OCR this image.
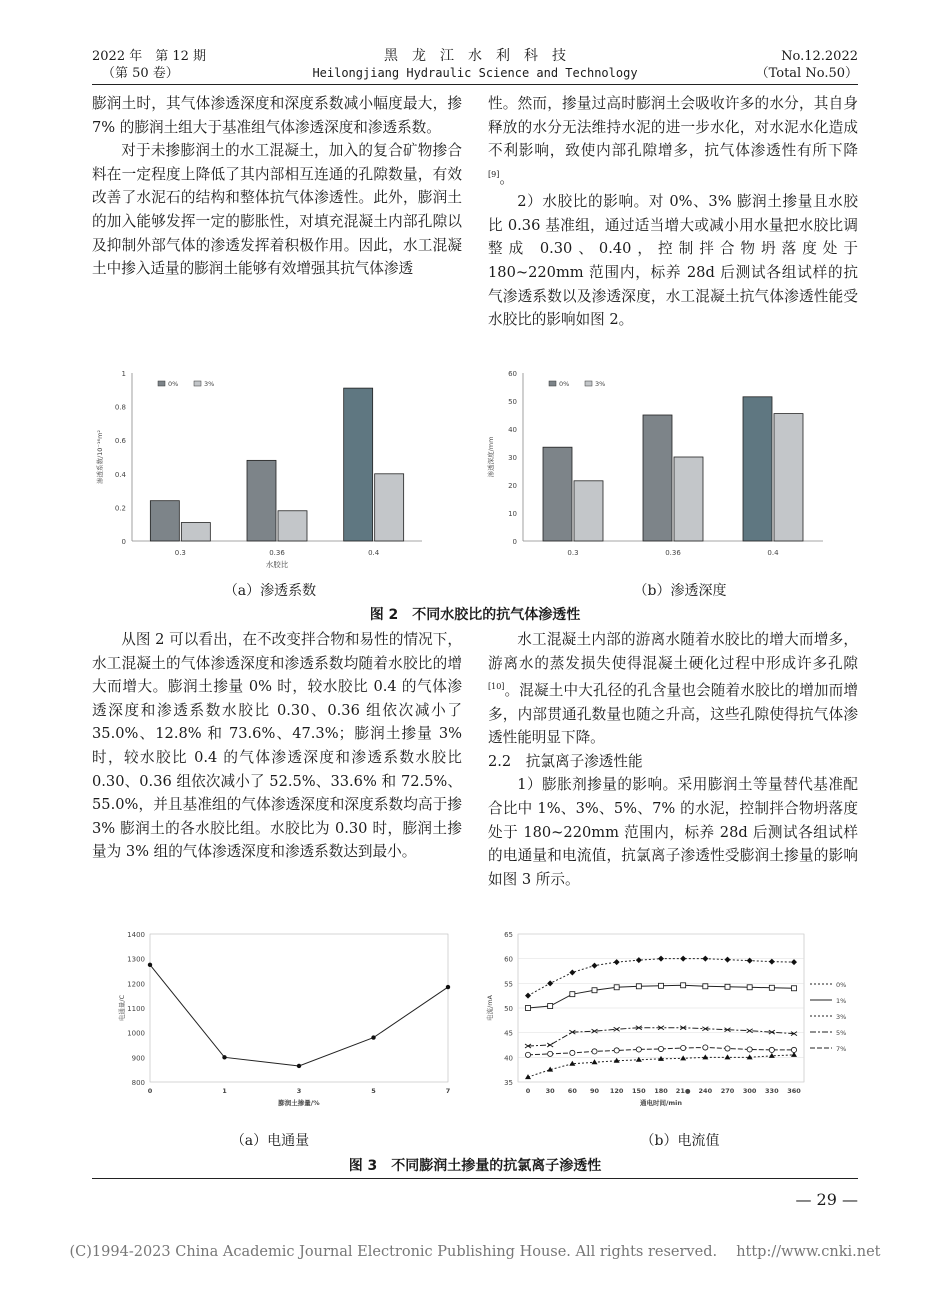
2022 年　第 12 期
（第 50 卷）
黑　龙　江　水　利　科　技
Heilongjiang Hydraulic Science and Technology
No.12.2022
（Total No.50）

膨润土时，其气体渗透深度和深度系数减小幅度最大，掺 7% 的膨润土组大于基准组气体渗透深度和渗透系数。

对于未掺膨润土的水工混凝土，加入的复合矿物掺合料在一定程度上降低了其内部相互连通的孔隙数量，有效改善了水泥石的结构和整体抗气体渗透性。此外，膨润土的加入能够发挥一定的膨胀性，对填充混凝土内部孔隙以及抑制外部气体的渗透发挥着积极作用。因此，水工混凝土中掺入适量的膨润土能够有效增强其抗气体渗透

性。然而，掺量过高时膨润土会吸收许多的水分，其自身释放的水分无法维持水泥的进一步水化，对水泥水化造成不利影响，致使内部孔隙增多，抗气体渗透性有所下降[9]。

2）水胶比的影响。对 0%、3% 膨润土掺量且水胶比 0.36 基准组，通过适当增大或减小用水量把水胶比调整成 0.30、0.40，控制拌合物坍落度处于 180~220mm 范围内，标养 28d 后测试各组试样的抗气渗透系数以及渗透深度，水工混凝土抗气体渗透性能受水胶比的影响如图 2。

0
0.2
0.4
0.6
0.8
1
0.3	0.36	0.4
0%	3%
水胶比
渗透系数/10⁻¹⁶m²
0
10
20
30
40
50
60
0.3	0.36	0.4
0%	3%
渗透深度/mm
（a）渗透系数	（b）渗透深度
图 2　不同水胶比的抗气体渗透性

从图 2 可以看出，在不改变拌合物和易性的情况下，水工混凝土的气体渗透深度和渗透系数均随着水胶比的增大而增大。膨润土掺量 0% 时，较水胶比 0.4 的气体渗透深度和渗透系数水胶比 0.30、0.36 组依次减小了 35.0%、12.8% 和 73.6%、47.3%；膨润土掺量 3% 时，较水胶比 0.4 的气体渗透深度和渗透系数水胶比 0.30、0.36 组依次减小了 52.5%、33.6% 和 72.5%、55.0%，并且基准组的气体渗透深度和深度系数均高于掺 3% 膨润土的各水胶比组。水胶比为 0.30 时，膨润土掺量为 3% 组的气体渗透深度和渗透系数达到最小。

水工混凝土内部的游离水随着水胶比的增大而增多，游离水的蒸发损失使得混凝土硬化过程中形成许多孔隙[10]。混凝土中大孔径的孔含量也会随着水胶比的增加而增多，内部贯通孔数量也随之升高，这些孔隙使得抗气体渗透性能明显下降。

2.2　抗氯离子渗透性能

1）膨胀剂掺量的影响。采用膨润土等量替代基准配合比中 1%、3%、5%、7% 的水泥，控制拌合物坍落度处于 180~220mm 范围内，标养 28d 后测试各组试样的电通量和电流值，抗氯离子渗透性受膨润土掺量的影响如图 3 所示。

800
900
1000
1100
1200
1300
1400
0	1	3	5	7
膨润土掺量/%
电通量/C
35
40
45
50
55
60
65
0 30 60 90 120 150 180 21● 240 270 300 330 360
通电时间/min
电流/mA
0%
1%
3%
5%
7%
（a）电通量	（b）电流值
图 3　不同膨润土掺量的抗氯离子渗透性
— 29 —
(C)1994-2023 China Academic Journal Electronic Publishing House. All rights reserved.　 http://www.cnki.net
